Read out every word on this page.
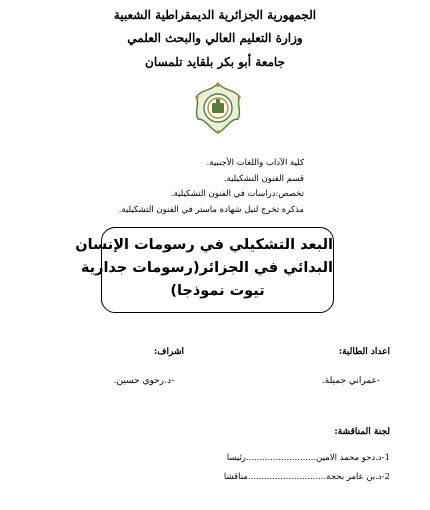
الجمهورية الجزائرية الديمقراطية الشعبية
وزارة التعليم العالي والبحث العلمي
جامعة أبو بكر بلقايد تلمسان
كلية الآداب واللغات الأجنبية.
قسم الفنون التشكيلية.
تخصص:دراسات في الفنون التشكيلية.
مذكرة تخرج لنيل شهادة ماستر في الفنون التشكيلية.
البعد التشكيلي في رسومات الإنسان
البدائي في الجزائر(رسومات جدارية
تيوت نموذجا)
اعداد الطالبة:
اشراف:
-عمراني جميلة.
-د.رحوي حسين.
لجنة المناقشة:
1-د.دحو محمد الامين..........................رئيسا
2-د.بن عامر بحجة.............................مناقشا
